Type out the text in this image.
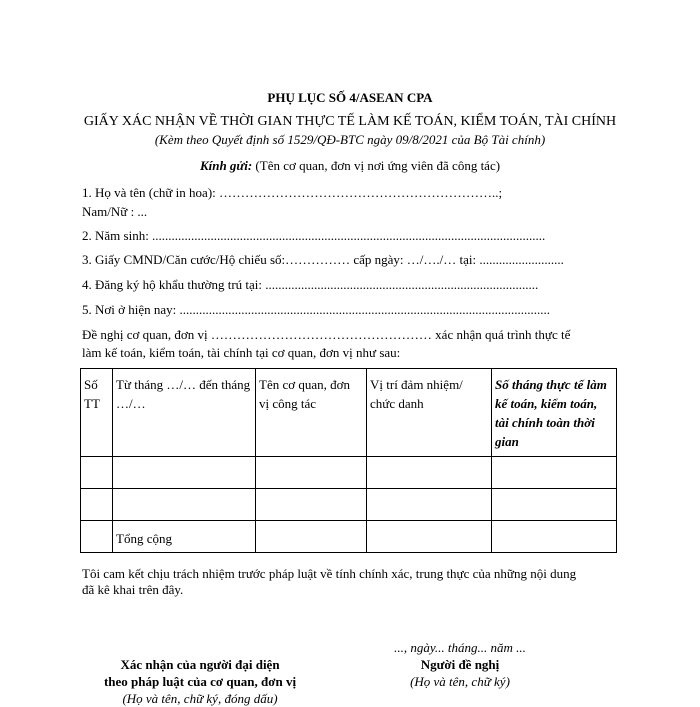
PHỤ LỤC SỐ 4/ASEAN CPA
GIẤY XÁC NHẬN VỀ THỜI GIAN THỰC TẾ LÀM KẾ TOÁN, KIỂM TOÁN, TÀI CHÍNH
(Kèm theo Quyết định số 1529/QĐ-BTC ngày 09/8/2021 của Bộ Tài chính)
Kính gửi: (Tên cơ quan, đơn vị nơi ứng viên đã công tác)
1. Họ và tên (chữ in hoa): ………………………………………………………..;
Nam/Nữ : ...
2. Năm sinh: .........................................................................................................................
3. Giấy CMND/Căn cước/Hộ chiếu số:…………… cấp ngày: …/…./… tại: ..........................
4. Đăng ký hộ khẩu thường trú tại: ....................................................................................
5. Nơi ở hiện nay: ..................................................................................................................
Đề nghị cơ quan, đơn vị …………………………………………… xác nhận quá trình thực tế
làm kế toán, kiểm toán, tài chính tại cơ quan, đơn vị như sau:
Số TT	Từ tháng …/… đến tháng …/…	Tên cơ quan, đơn vị công tác	Vị trí đảm nhiệm/ chức danh	Số tháng thực tế làm kế toán, kiểm toán, tài chính toàn thời gian

	Tổng cộng			
Tôi cam kết chịu trách nhiệm trước pháp luật về tính chính xác, trung thực của những nội dung
đã kê khai trên đây.
..., ngày... tháng... năm ...
Xác nhận của người đại diện
theo pháp luật của cơ quan, đơn vị
(Họ và tên, chữ ký, đóng dấu)
Người đề nghị
(Họ và tên, chữ ký)
